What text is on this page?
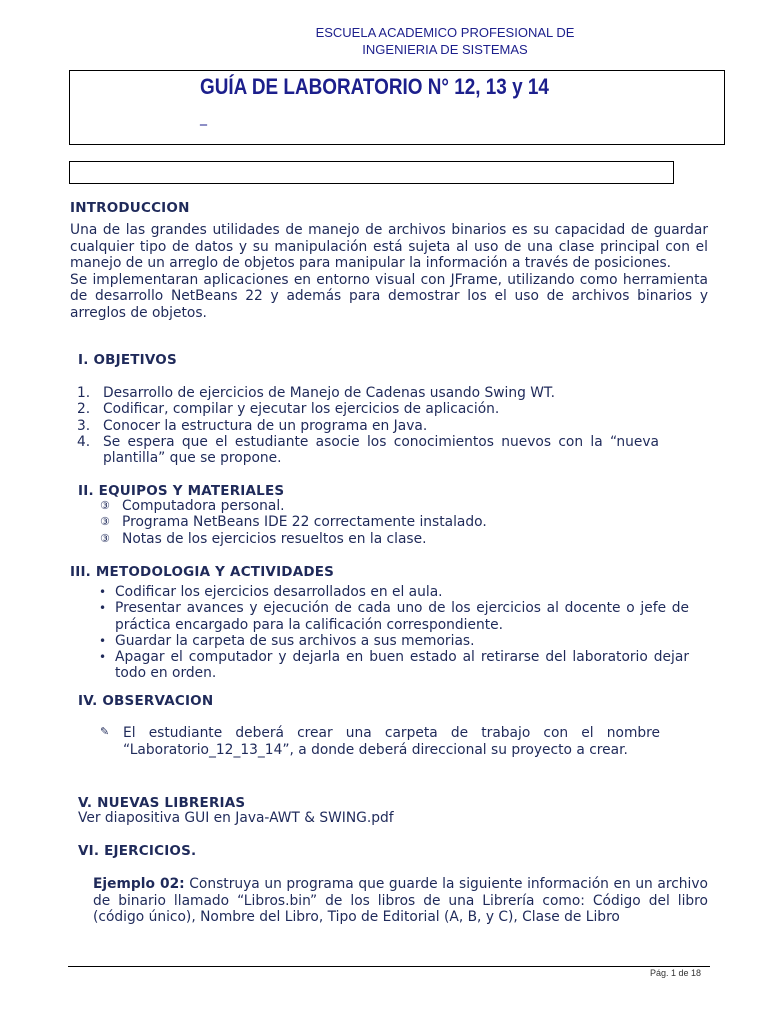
ESCUELA ACADEMICO PROFESIONAL DE
INGENIERIA DE SISTEMAS
GUÍA DE LABORATORIO N° 12, 13 y 14
_
INTRODUCCION

Una de las grandes utilidades de manejo de archivos binarios es su capacidad de guardar cualquier tipo de datos y su manipulación está sujeta al uso de una clase principal con el manejo de un arreglo de objetos para manipular la información a través de posiciones.

Se implementaran aplicaciones en entorno visual con JFrame, utilizando como herramienta de desarrollo NetBeans 22 y además para demostrar los el uso de archivos binarios y arreglos de objetos.

I. OBJETIVOS
1. Desarrollo de ejercicios de Manejo de Cadenas usando Swing WT.
2. Codificar, compilar y ejecutar los ejercicios de aplicación.
3. Conocer la estructura de un programa en Java.
4. Se espera que el estudiante asocie los conocimientos nuevos con la “nueva plantilla” que se propone.
II. EQUIPOS Y MATERIALES
③ Computadora personal.
③ Programa NetBeans IDE 22 correctamente instalado.
③ Notas de los ejercicios resueltos en la clase.
III. METODOLOGIA Y ACTIVIDADES
• Codificar los ejercicios desarrollados en el aula.
• Presentar avances y ejecución de cada uno de los ejercicios al docente o jefe de práctica encargado para la calificación correspondiente.
• Guardar la carpeta de sus archivos a sus memorias.
• Apagar el computador y dejarla en buen estado al retirarse del laboratorio dejar todo en orden.
IV. OBSERVACION
✎ El estudiante deberá crear una carpeta de trabajo con el nombre “Laboratorio_12_13_14”, a donde deberá direccional su proyecto a crear.
V. NUEVAS LIBRERIAS
Ver diapositiva GUI en Java-AWT & SWING.pdf
VI. EJERCICIOS.
Ejemplo 02: Construya un programa que guarde la siguiente información en un archivo de binario llamado “Libros.bin” de los libros de una Librería como: Código del libro (código único), Nombre del Libro, Tipo de Editorial (A, B, y C), Clase de Libro
Pág. 1 de 18
